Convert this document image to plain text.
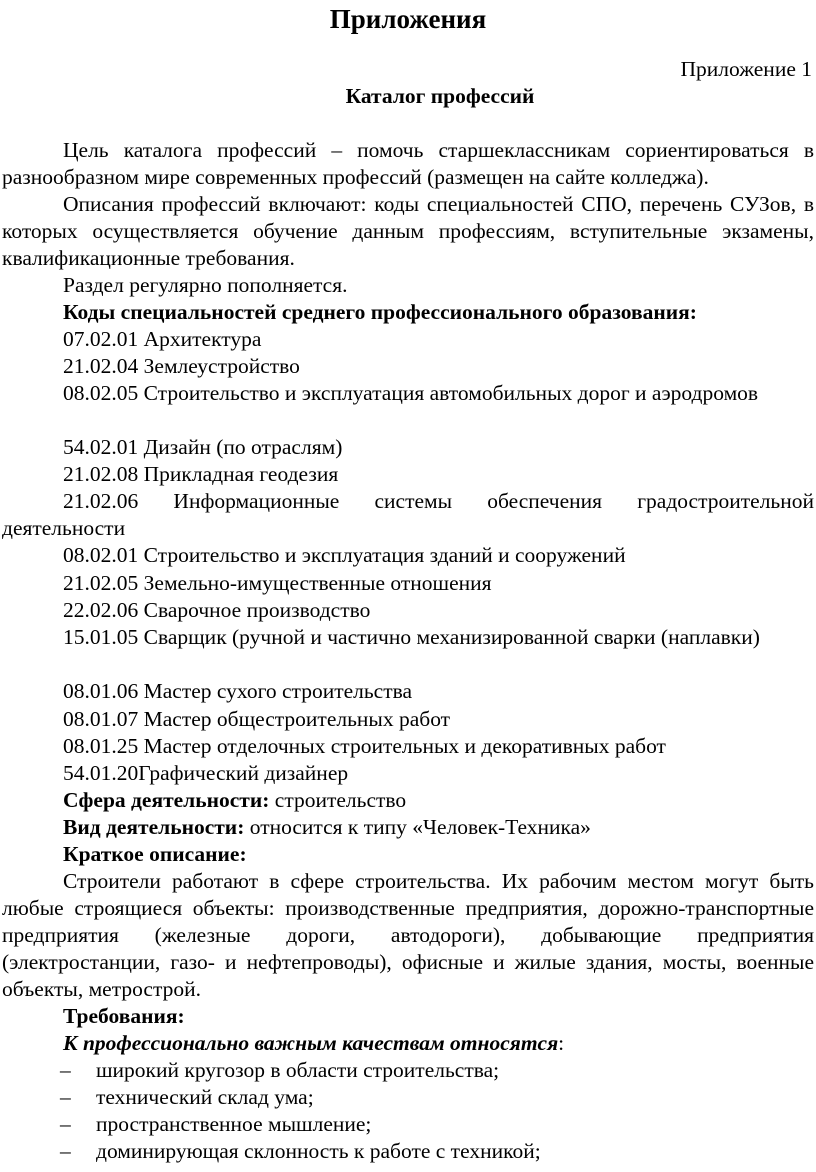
Приложения
Приложение 1
Каталог профессий
Цель каталога профессий – помочь старшеклассникам сориентироваться в разнообразном мире современных профессий (размещен на сайте колледжа).
Описания профессий включают: коды специальностей СПО, перечень СУЗов, в которых осуществляется обучение данным профессиям, вступительные экзамены, квалификационные требования.
Раздел регулярно пополняется.
Коды специальностей среднего профессионального образования:
07.02.01 Архитектура
21.02.04 Землеустройство
08.02.05 Строительство и эксплуатация автомобильных дорог и аэродромов
54.02.01 Дизайн (по отраслям)
21.02.08 Прикладная геодезия
21.02.06 Информационные системы обеспечения градостроительной деятельности
08.02.01 Строительство и эксплуатация зданий и сооружений
21.02.05 Земельно-имущественные отношения
22.02.06 Сварочное производство
15.01.05 Сварщик (ручной и частично механизированной сварки (наплавки)
08.01.06 Мастер сухого строительства
08.01.07 Мастер общестроительных работ
08.01.25 Мастер отделочных строительных и декоративных работ
54.01.20Графический дизайнер
Сфера деятельности: строительство
Вид деятельности: относится к типу «Человек-Техника»
Краткое описание:
Строители работают в сфере строительства. Их рабочим местом могут быть любые строящиеся объекты: производственные предприятия, дорожно-транспортные предприятия (железные дороги, автодороги), добывающие предприятия (электростанции, газо- и нефтепроводы), офисные и жилые здания, мосты, военные объекты, метрострой.
Требования:
К профессионально важным качествам относятся:
‒ широкий кругозор в области строительства;
‒ технический склад ума;
‒ пространственное мышление;
‒ доминирующая склонность к работе с техникой;
